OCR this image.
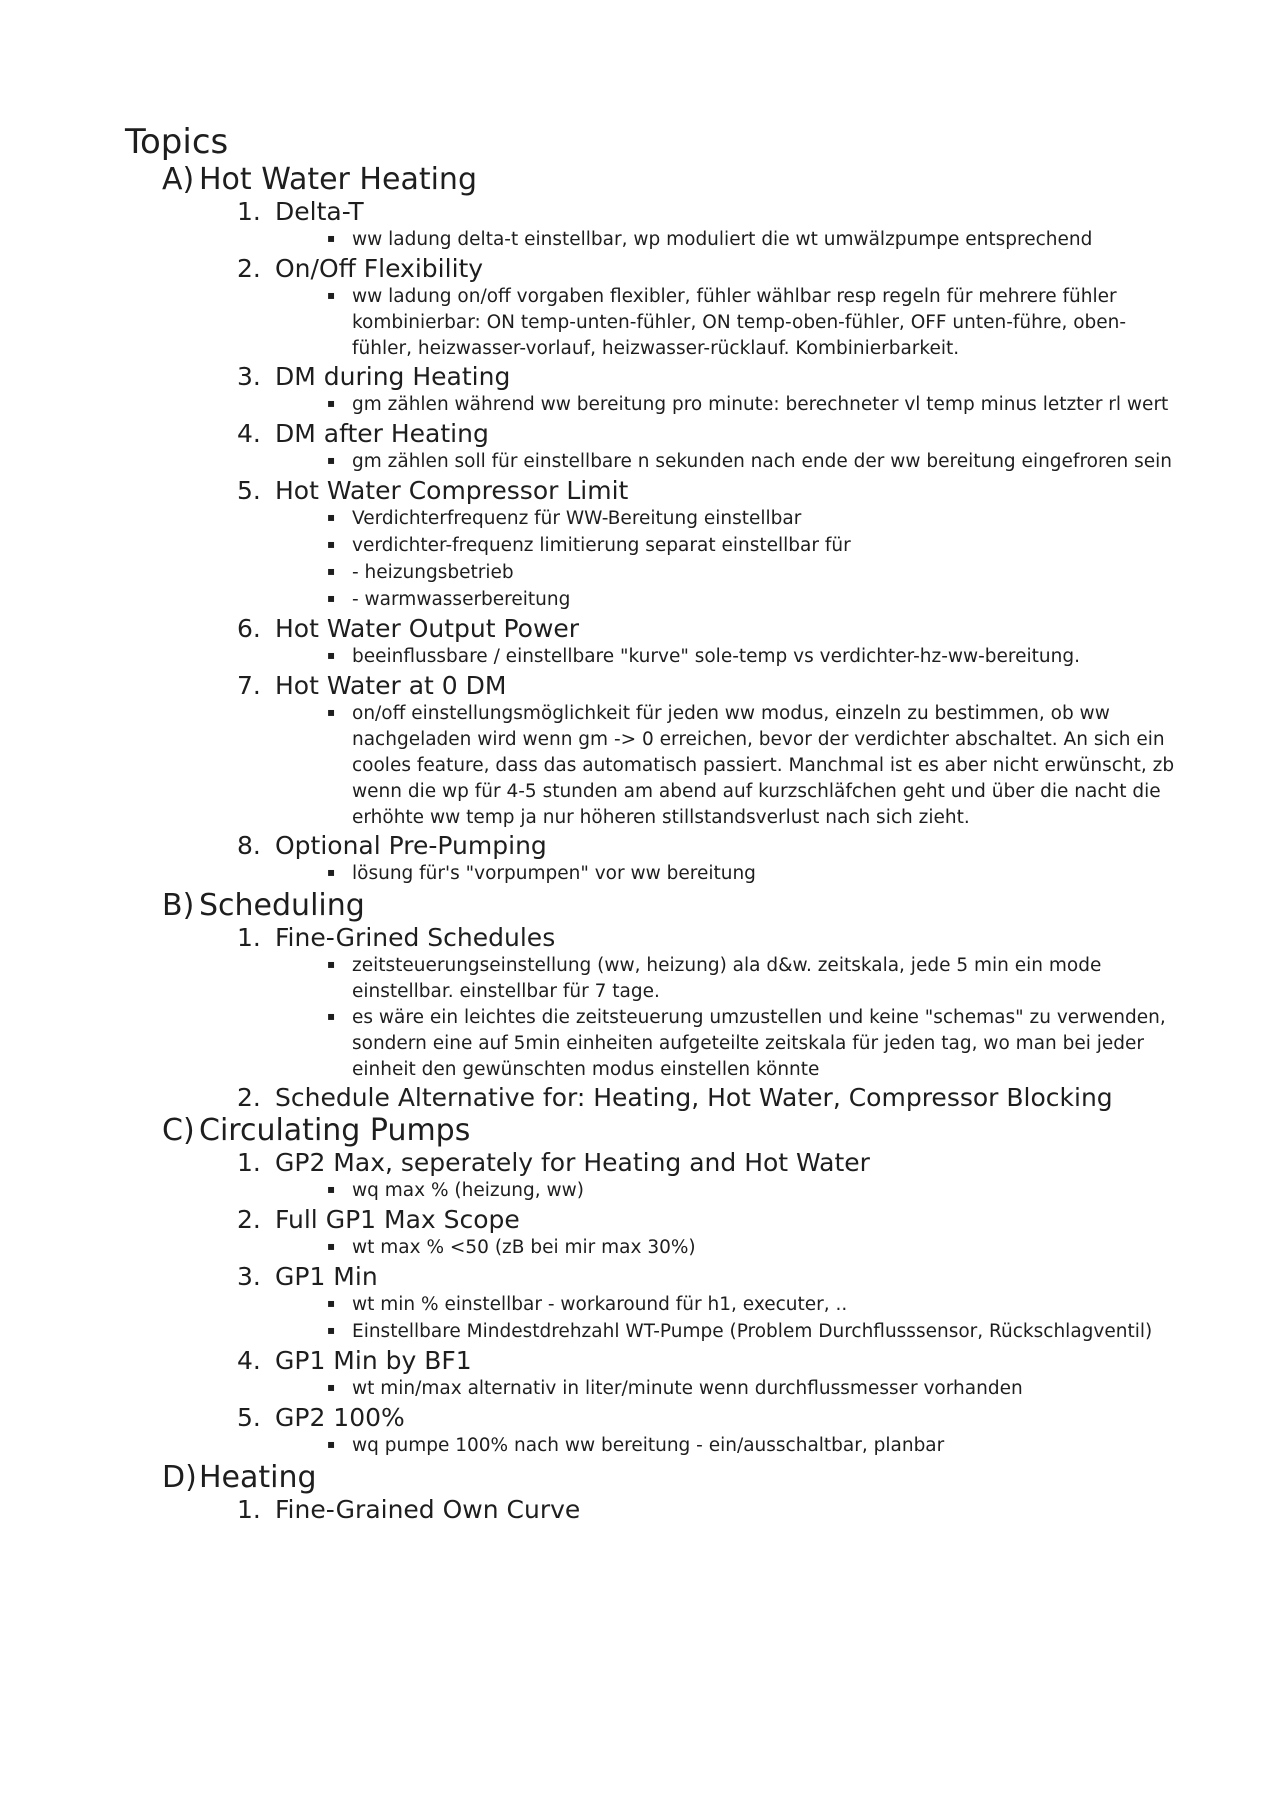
Topics
A) Hot Water Heating
1. Delta-T
▪ ww ladung delta-t einstellbar, wp moduliert die wt umwälzpumpe entsprechend
2. On/Off Flexibility
▪ ww ladung on/off vorgaben flexibler, fühler wählbar resp regeln für mehrere fühler kombinierbar: ON temp-unten-fühler, ON temp-oben-fühler, OFF unten-führe, oben-fühler, heizwasser-vorlauf, heizwasser-rücklauf. Kombinierbarkeit.
3. DM during Heating
▪ gm zählen während ww bereitung pro minute: berechneter vl temp minus letzter rl wert
4. DM after Heating
▪ gm zählen soll für einstellbare n sekunden nach ende der ww bereitung eingefroren sein
5. Hot Water Compressor Limit
▪ Verdichterfrequenz für WW-Bereitung einstellbar
▪ verdichter-frequenz limitierung separat einstellbar für
▪ - heizungsbetrieb
▪ - warmwasserbereitung
6. Hot Water Output Power
▪ beeinflussbare / einstellbare "kurve" sole-temp vs verdichter-hz-ww-bereitung.
7. Hot Water at 0 DM
▪ on/off einstellungsmöglichkeit für jeden ww modus, einzeln zu bestimmen, ob ww nachgeladen wird wenn gm -> 0 erreichen, bevor der verdichter abschaltet. An sich ein cooles feature, dass das automatisch passiert. Manchmal ist es aber nicht erwünscht, zb wenn die wp für 4-5 stunden am abend auf kurzschläfchen geht und über die nacht die erhöhte ww temp ja nur höheren stillstandsverlust nach sich zieht.
8. Optional Pre-Pumping
▪ lösung für's "vorpumpen" vor ww bereitung
B) Scheduling
1. Fine-Grined Schedules
▪ zeitsteuerungseinstellung (ww, heizung) ala d&w. zeitskala, jede 5 min ein mode einstellbar. einstellbar für 7 tage.
▪ es wäre ein leichtes die zeitsteuerung umzustellen und keine "schemas" zu verwenden, sondern eine auf 5min einheiten aufgeteilte zeitskala für jeden tag, wo man bei jeder einheit den gewünschten modus einstellen könnte
2. Schedule Alternative for: Heating, Hot Water, Compressor Blocking
C) Circulating Pumps
1. GP2 Max, seperately for Heating and Hot Water
▪ wq max % (heizung, ww)
2. Full GP1 Max Scope
▪ wt max % <50 (zB bei mir max 30%)
3. GP1 Min
▪ wt min % einstellbar - workaround für h1, executer, ..
▪ Einstellbare Mindestdrehzahl WT-Pumpe (Problem Durchflusssensor, Rückschlagventil)
4. GP1 Min by BF1
▪ wt min/max alternativ in liter/minute wenn durchflussmesser vorhanden
5. GP2 100%
▪ wq pumpe 100% nach ww bereitung - ein/ausschaltbar, planbar
D) Heating
1. Fine-Grained Own Curve
